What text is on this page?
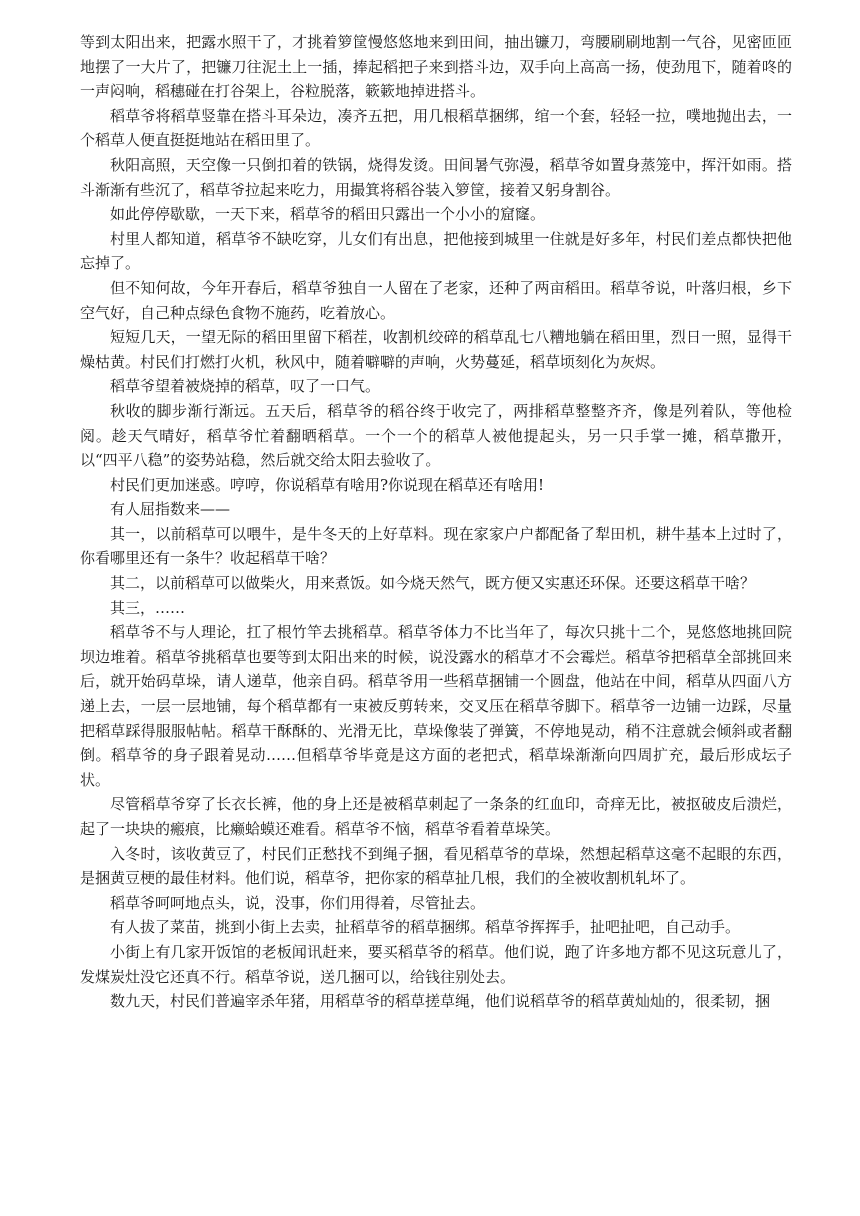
等到太阳出来，把露水照干了，才挑着箩筐慢悠悠地来到田间，抽出镰刀，弯腰刷刷地割一气谷，见密匝匝地摆了一大片了，把镰刀往泥土上一插，捧起稻把子来到搭斗边，双手向上高高一扬，使劲甩下，随着咚的一声闷响，稻穗碰在打谷架上，谷粒脱落，簌簌地掉进搭斗。

稻草爷将稻草竖靠在搭斗耳朵边，凑齐五把，用几根稻草捆绑，绾一个套，轻轻一拉，噗地抛出去，一个稻草人便直挺挺地站在稻田里了。

秋阳高照，天空像一只倒扣着的铁锅，烧得发烫。田间暑气弥漫，稻草爷如置身蒸笼中，挥汗如雨。搭斗渐渐有些沉了，稻草爷拉起来吃力，用撮箕将稻谷装入箩筐，接着又躬身割谷。

如此停停歇歇，一天下来，稻草爷的稻田只露出一个小小的窟窿。

村里人都知道，稻草爷不缺吃穿，儿女们有出息，把他接到城里一住就是好多年，村民们差点都快把他忘掉了。

但不知何故，今年开春后，稻草爷独自一人留在了老家，还种了两亩稻田。稻草爷说，叶落归根，乡下空气好，自己种点绿色食物不施药，吃着放心。

短短几天，一望无际的稻田里留下稻茬，收割机绞碎的稻草乱七八糟地躺在稻田里，烈日一照，显得干燥枯黄。村民们打燃打火机，秋风中，随着噼噼的声响，火势蔓延，稻草顷刻化为灰烬。

稻草爷望着被烧掉的稻草，叹了一口气。

秋收的脚步渐行渐远。五天后，稻草爷的稻谷终于收完了，两排稻草整整齐齐，像是列着队，等他检阅。趁天气晴好，稻草爷忙着翻晒稻草。一个一个的稻草人被他提起头，另一只手掌一摊，稻草撒开，以“四平八稳”的姿势站稳，然后就交给太阳去验收了。

村民们更加迷惑。哼哼，你说稻草有啥用?你说现在稻草还有啥用!

有人屈指数来——

其一，以前稻草可以喂牛，是牛冬天的上好草料。现在家家户户都配备了犁田机，耕牛基本上过时了，你看哪里还有一条牛？收起稻草干啥？

其二，以前稻草可以做柴火，用来煮饭。如今烧天然气，既方便又实惠还环保。还要这稻草干啥？

其三，……

稻草爷不与人理论，扛了根竹竿去挑稻草。稻草爷体力不比当年了，每次只挑十二个，晃悠悠地挑回院坝边堆着。稻草爷挑稻草也要等到太阳出来的时候，说没露水的稻草才不会霉烂。稻草爷把稻草全部挑回来后，就开始码草垛，请人递草，他亲自码。稻草爷用一些稻草捆铺一个圆盘，他站在中间，稻草从四面八方递上去，一层一层地铺，每个稻草都有一束被反剪转来，交叉压在稻草爷脚下。稻草爷一边铺一边踩，尽量把稻草踩得服服帖帖。稻草干酥酥的、光滑无比，草垛像装了弹簧，不停地晃动，稍不注意就会倾斜或者翻倒。稻草爷的身子跟着晃动……但稻草爷毕竟是这方面的老把式，稻草垛渐渐向四周扩充，最后形成坛子状。

尽管稻草爷穿了长衣长裤，他的身上还是被稻草刺起了一条条的红血印，奇痒无比，被抠破皮后溃烂，起了一块块的瘢痕，比癞蛤蟆还难看。稻草爷不恼，稻草爷看着草垛笑。

入冬时，该收黄豆了，村民们正愁找不到绳子捆，看见稻草爷的草垛，然想起稻草这毫不起眼的东西，是捆黄豆梗的最佳材料。他们说，稻草爷，把你家的稻草扯几根，我们的全被收割机轧坏了。

稻草爷呵呵地点头，说，没事，你们用得着，尽管扯去。

有人拔了菜苗，挑到小街上去卖，扯稻草爷的稻草捆绑。稻草爷挥挥手，扯吧扯吧，自己动手。

小街上有几家开饭馆的老板闻讯赶来，要买稻草爷的稻草。他们说，跑了许多地方都不见这玩意儿了，发煤炭灶没它还真不行。稻草爷说，送几捆可以，给钱往别处去。

数九天，村民们普遍宰杀年猪，用稻草爷的稻草搓草绳，他们说稻草爷的稻草黄灿灿的，很柔韧，捆
